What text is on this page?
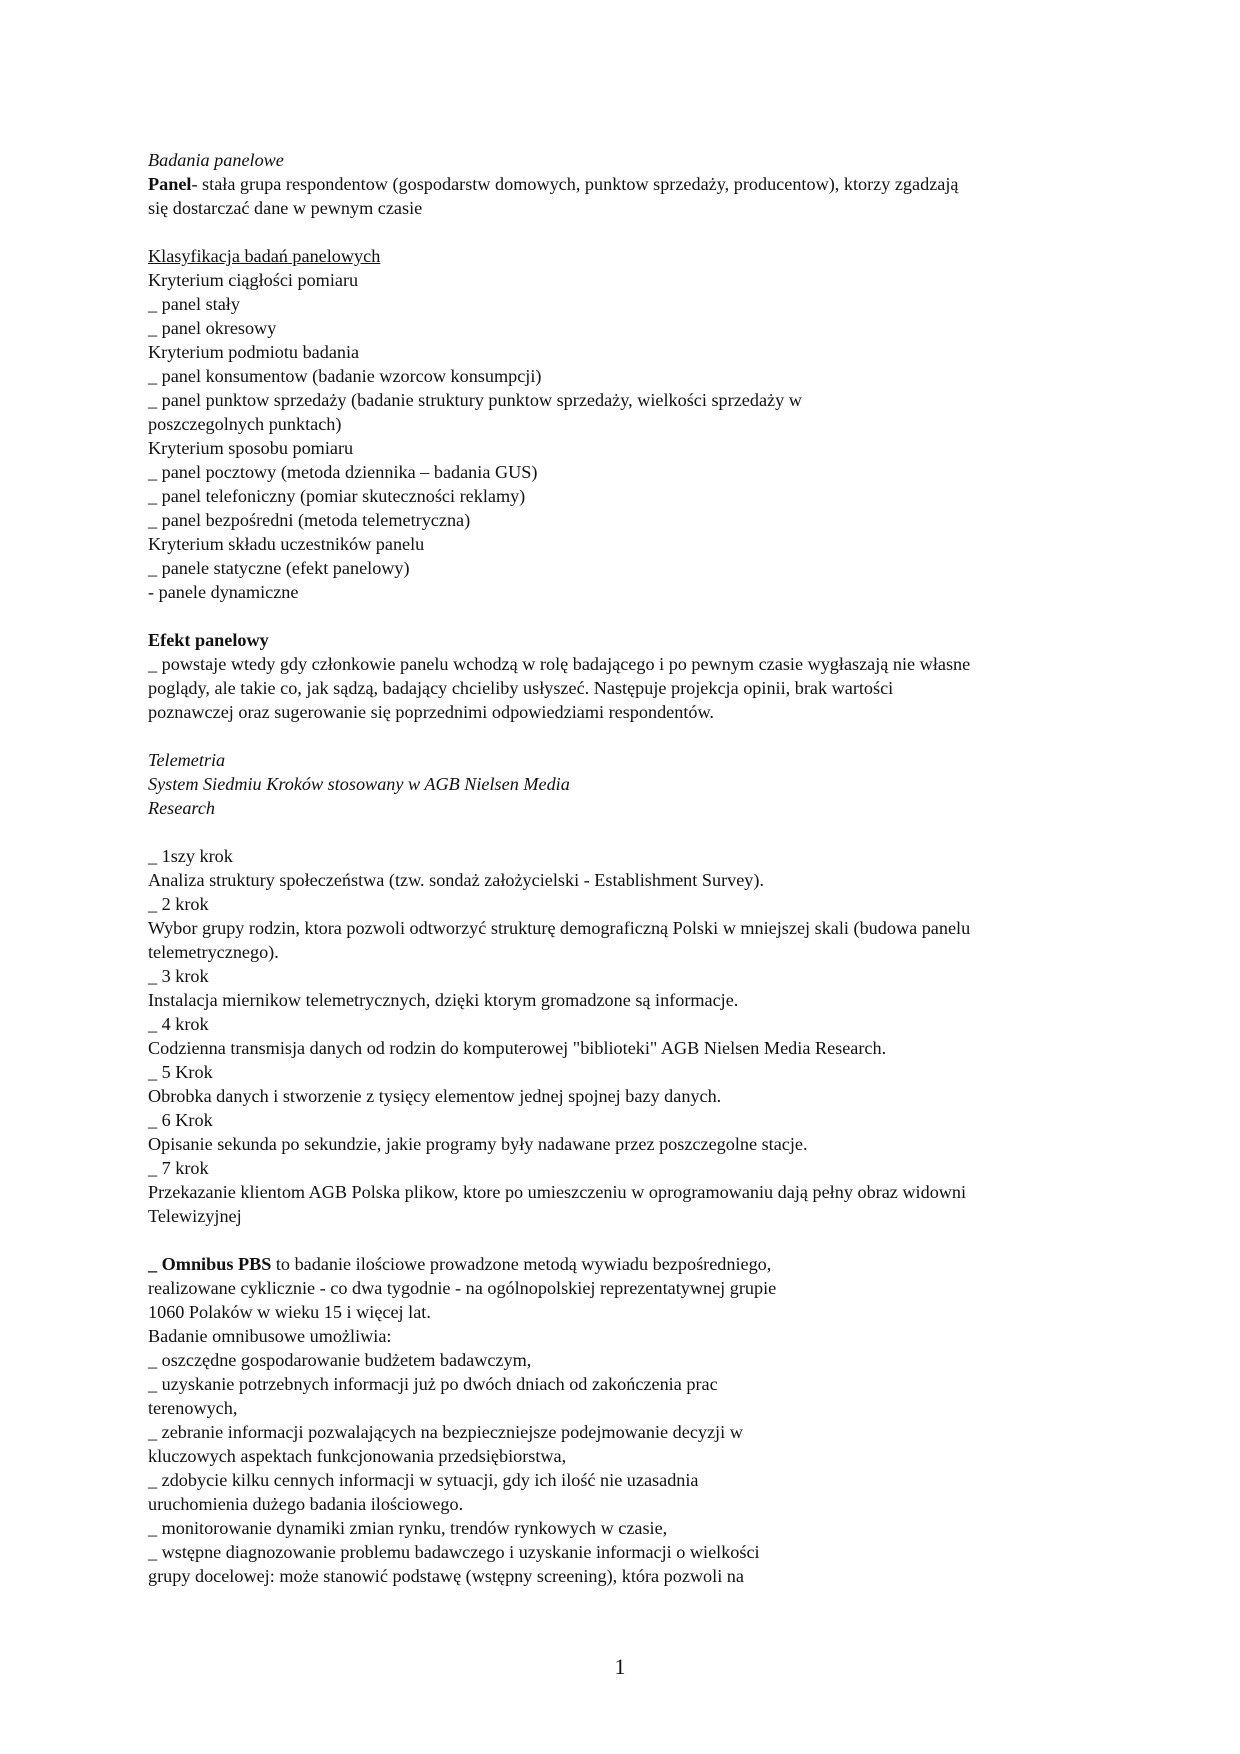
Badania panelowe
Panel- stała grupa respondentow (gospodarstw domowych, punktow sprzedaży, producentow), ktorzy zgadzają
się dostarczać dane w pewnym czasie
Klasyfikacja badań panelowych
Kryterium ciągłości pomiaru
_ panel stały
_ panel okresowy
Kryterium podmiotu badania
_ panel konsumentow (badanie wzorcow konsumpcji)
_ panel punktow sprzedaży (badanie struktury punktow sprzedaży, wielkości sprzedaży w
poszczegolnych punktach)
Kryterium sposobu pomiaru
_ panel pocztowy (metoda dziennika – badania GUS)
_ panel telefoniczny (pomiar skuteczności reklamy)
_ panel bezpośredni (metoda telemetryczna)
Kryterium składu uczestników panelu
_ panele statyczne (efekt panelowy)
- panele dynamiczne
Efekt panelowy
_ powstaje wtedy gdy członkowie panelu wchodzą w rolę badającego i po pewnym czasie wygłaszają nie własne
poglądy, ale takie co, jak sądzą, badający chcieliby usłyszeć. Następuje projekcja opinii, brak wartości
poznawczej oraz sugerowanie się poprzednimi odpowiedziami respondentów.
Telemetria
System Siedmiu Kroków stosowany w AGB Nielsen Media
Research
_ 1szy krok
Analiza struktury społeczeństwa (tzw. sondaż założycielski - Establishment Survey).
_ 2 krok
Wybor grupy rodzin, ktora pozwoli odtworzyć strukturę demograficzną Polski w mniejszej skali (budowa panelu
telemetrycznego).
_ 3 krok
Instalacja miernikow telemetrycznych, dzięki ktorym gromadzone są informacje.
_ 4 krok
Codzienna transmisja danych od rodzin do komputerowej "biblioteki" AGB Nielsen Media Research.
_ 5 Krok
Obrobka danych i stworzenie z tysięcy elementow jednej spojnej bazy danych.
_ 6 Krok
Opisanie sekunda po sekundzie, jakie programy były nadawane przez poszczegolne stacje.
_ 7 krok
Przekazanie klientom AGB Polska plikow, ktore po umieszczeniu w oprogramowaniu dają pełny obraz widowni
Telewizyjnej
_ Omnibus PBS to badanie ilościowe prowadzone metodą wywiadu bezpośredniego,
realizowane cyklicznie - co dwa tygodnie - na ogólnopolskiej reprezentatywnej grupie
1060 Polaków w wieku 15 i więcej lat.
Badanie omnibusowe umożliwia:
_ oszczędne gospodarowanie budżetem badawczym,
_ uzyskanie potrzebnych informacji już po dwóch dniach od zakończenia prac
terenowych,
_ zebranie informacji pozwalających na bezpieczniejsze podejmowanie decyzji w
kluczowych aspektach funkcjonowania przedsiębiorstwa,
_ zdobycie kilku cennych informacji w sytuacji, gdy ich ilość nie uzasadnia
uruchomienia dużego badania ilościowego.
_ monitorowanie dynamiki zmian rynku, trendów rynkowych w czasie,
_ wstępne diagnozowanie problemu badawczego i uzyskanie informacji o wielkości
grupy docelowej: może stanowić podstawę (wstępny screening), która pozwoli na
1
